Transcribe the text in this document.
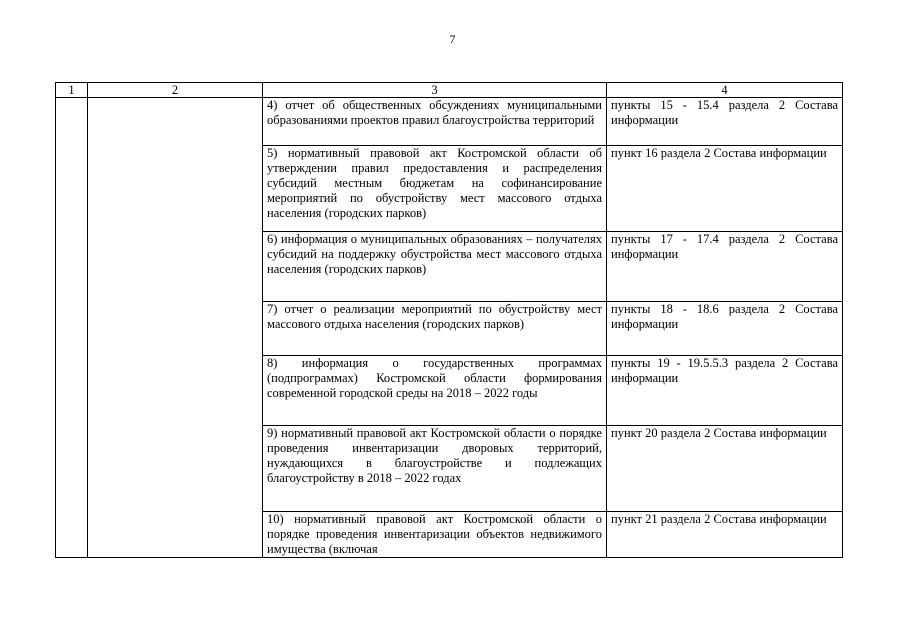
7
1	2	3	4
		4) отчет об общественных обсуждениях муниципальными образованиями проектов правил благоустройства территорий	пункты 15 - 15.4 раздела 2 Состава информации
		5) нормативный правовой акт Костромской области об утверждении правил предоставления и распределения субсидий местным бюджетам на софинансирование мероприятий по обустройству мест массового отдыха населения (городских парков)	пункт 16 раздела 2 Состава информации
		6) информация о муниципальных образованиях – получателях субсидий на поддержку обустройства мест массового отдыха населения (городских парков)	пункты 17 - 17.4 раздела 2 Состава информации
		7) отчет о реализации мероприятий по обустройству мест массового отдыха населения (городских парков)	пункты 18 - 18.6 раздела 2 Состава информации
		8) информация о государственных программах (подпрограммах) Костромской области формирования современной городской среды на 2018 – 2022 годы	пункты 19 - 19.5.5.3 раздела 2 Состава информации
		9) нормативный правовой акт Костромской области о порядке проведения инвентаризации дворовых территорий, нуждающихся в благоустройстве и подлежащих благоустройству в 2018 – 2022 годах	пункт 20 раздела 2 Состава информации

		10) нормативный правовой акт Костромской области о порядке проведения инвентаризации объектов недвижимого имущества (включая	пункт 21 раздела 2 Состава информации
